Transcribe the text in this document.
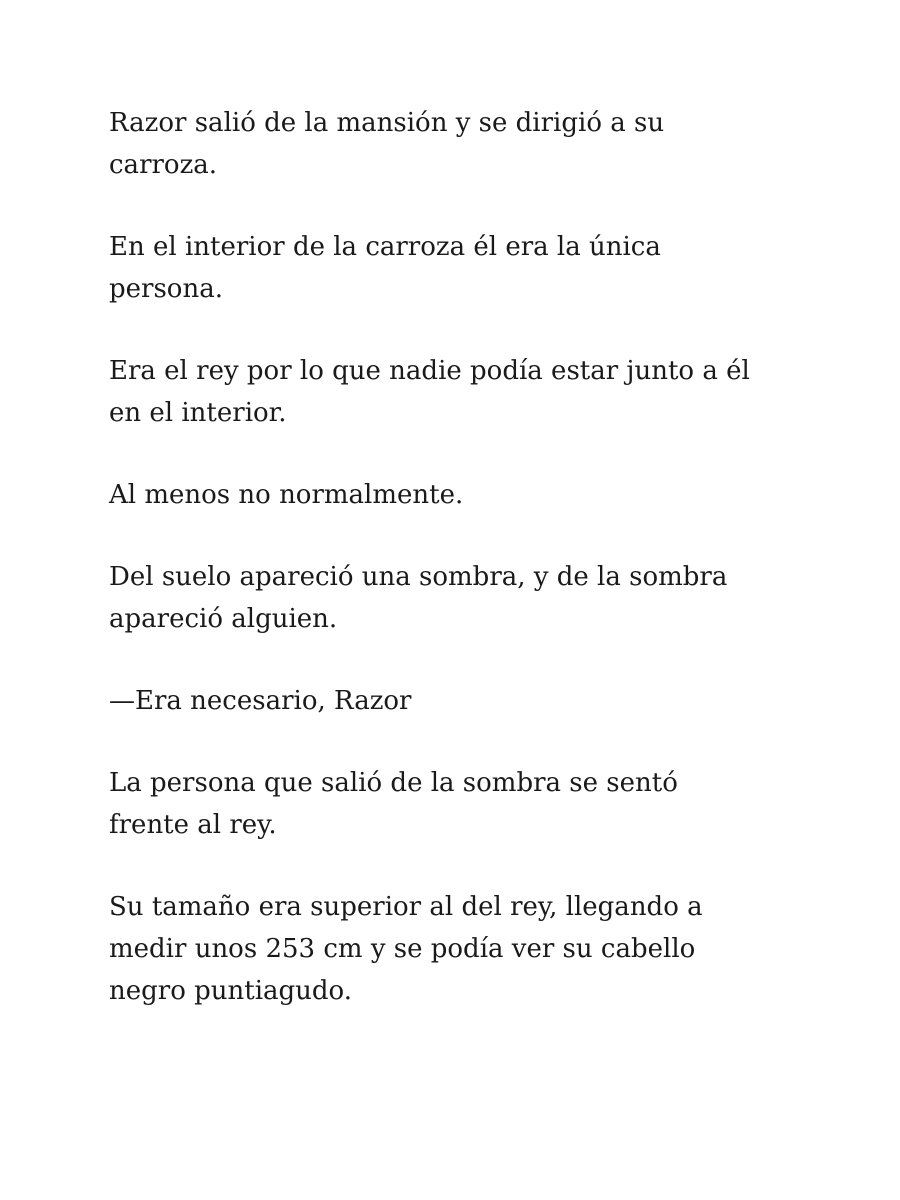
Razor salió de la mansión y se dirigió a su
carroza.

En el interior de la carroza él era la única
persona.

Era el rey por lo que nadie podía estar junto a él
en el interior.

Al menos no normalmente.

Del suelo apareció una sombra, y de la sombra
apareció alguien.

—Era necesario, Razor

La persona que salió de la sombra se sentó
frente al rey.

Su tamaño era superior al del rey, llegando a
medir unos 253 cm y se podía ver su cabello
negro puntiagudo.
